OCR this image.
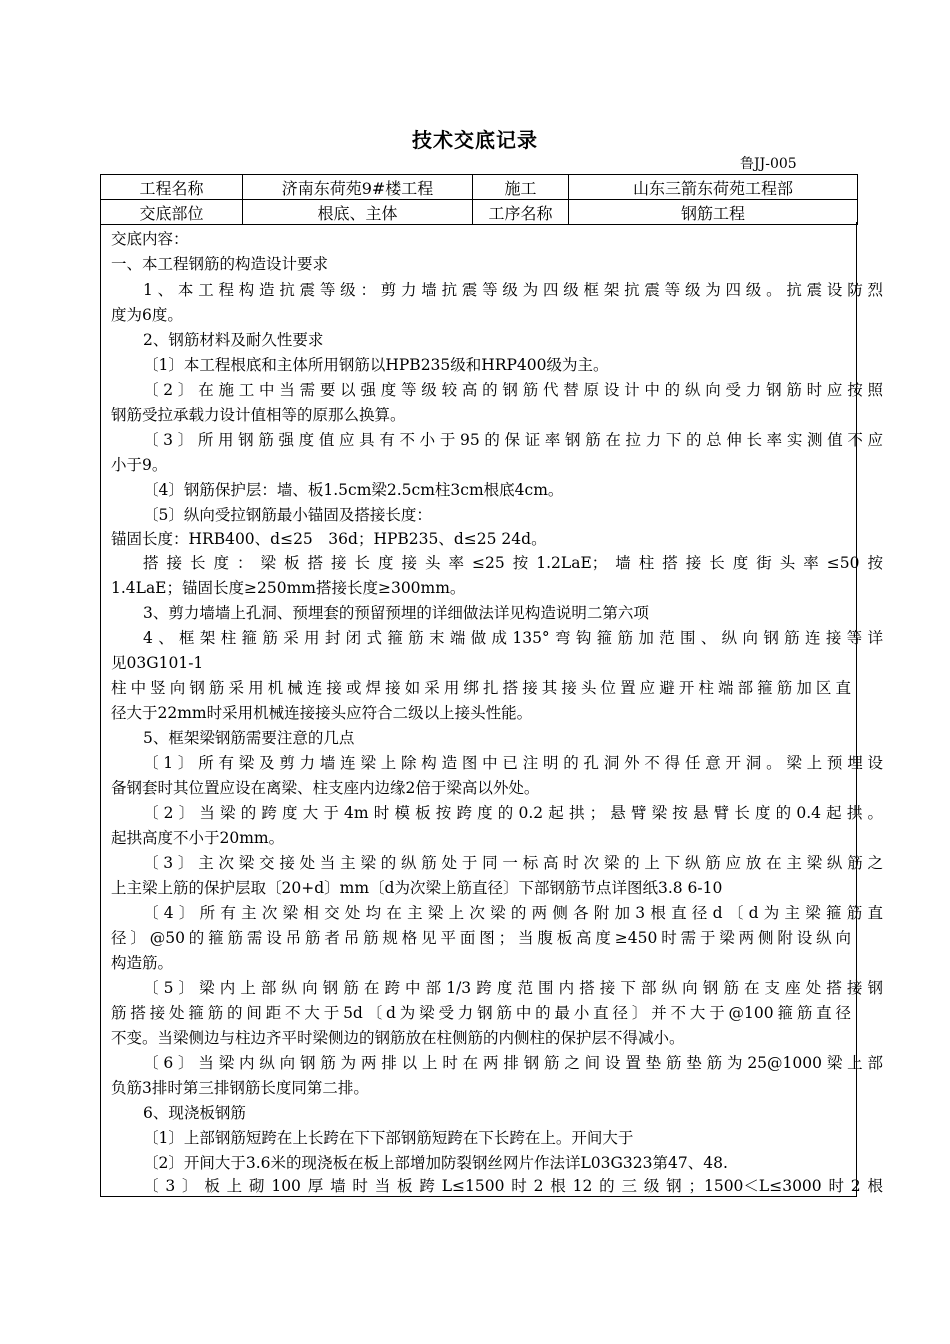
技术交底记录
鲁JJ-005
工程名称	济南东荷苑9#楼工程	施工	山东三箭东荷苑工程部
交底部位	根底、主体	工序名称	钢筋工程
交底内容：
一、本工程钢筋的构造设计要求
1、本工程构造抗震等级：剪力墙抗震等级为四级框架抗震等级为四级。抗震设防烈
度为6度。
2、钢筋材料及耐久性要求
〔1〕本工程根底和主体所用钢筋以HPB235级和HRP400级为主。
〔2〕在施工中当需要以强度等级较高的钢筋代替原设计中的纵向受力钢筋时应按照
钢筋受拉承载力设计值相等的原那么换算。
〔3〕所用钢筋强度值应具有不小于95的保证率钢筋在拉力下的总伸长率实测值不应
小于9。
〔4〕钢筋保护层：墙、板1.5cm梁2.5cm柱3cm根底4cm。
〔5〕纵向受拉钢筋最小锚固及搭接长度：
锚固长度：HRB400、d≤25　36d；HPB235、d≤25 24d。
搭接长度：梁板搭接长度接头率≤25按1.2LaE；墙柱搭接长度街头率≤50按
1.4LaE；锚固长度≥250mm搭接长度≥300mm。
3、剪力墙墙上孔洞、预埋套的预留预埋的详细做法详见构造说明二第六项
4、框架柱箍筋采用封闭式箍筋末端做成135°弯钩箍筋加范围、纵向钢筋连接等详
见03G101-1
柱中竖向钢筋采用机械连接或焊接如采用绑扎搭接其接头位置应避开柱端部箍筋加区直
径大于22mm时采用机械连接接头应符合二级以上接头性能。
5、框架梁钢筋需要注意的几点
〔1〕所有梁及剪力墙连梁上除构造图中已注明的孔洞外不得任意开洞。梁上预埋设
备钢套时其位置应设在离梁、柱支座内边缘2倍于梁高以外处。
〔2〕当梁的跨度大于4m时模板按跨度的0.2起拱；悬臂梁按悬臂长度的0.4起拱。
起拱高度不小于20mm。
〔3〕主次梁交接处当主梁的纵筋处于同一标高时次梁的上下纵筋应放在主梁纵筋之
上主梁上筋的保护层取〔20+d〕mm〔d为次梁上筋直径〕下部钢筋节点详图纸3.8 6-10
〔4〕所有主次梁相交处均在主梁上次梁的两侧各附加3根直径d〔d为主梁箍筋直
径〕@50的箍筋需设吊筋者吊筋规格见平面图；当腹板高度≥450时需于梁两侧附设纵向
构造筋。
〔5〕梁内上部纵向钢筋在跨中部1/3跨度范围内搭接下部纵向钢筋在支座处搭接钢
筋搭接处箍筋的间距不大于5d〔d为梁受力钢筋中的最小直径〕并不大于@100箍筋直径
不变。当梁侧边与柱边齐平时梁侧边的钢筋放在柱侧筋的内侧柱的保护层不得减小。
〔6〕当梁内纵向钢筋为两排以上时在两排钢筋之间设置垫筋垫筋为25@1000梁上部
负筋3排时第三排钢筋长度同第二排。
6、现浇板钢筋
〔1〕上部钢筋短跨在上长跨在下下部钢筋短跨在下长跨在上。开间大于
〔2〕开间大于3.6米的现浇板在板上部增加防裂钢丝网片作法详L03G323第47、48.
〔3〕板上砌100厚墙时当板跨L≤1500时2根12的三级钢；1500＜L≤3000时2根
